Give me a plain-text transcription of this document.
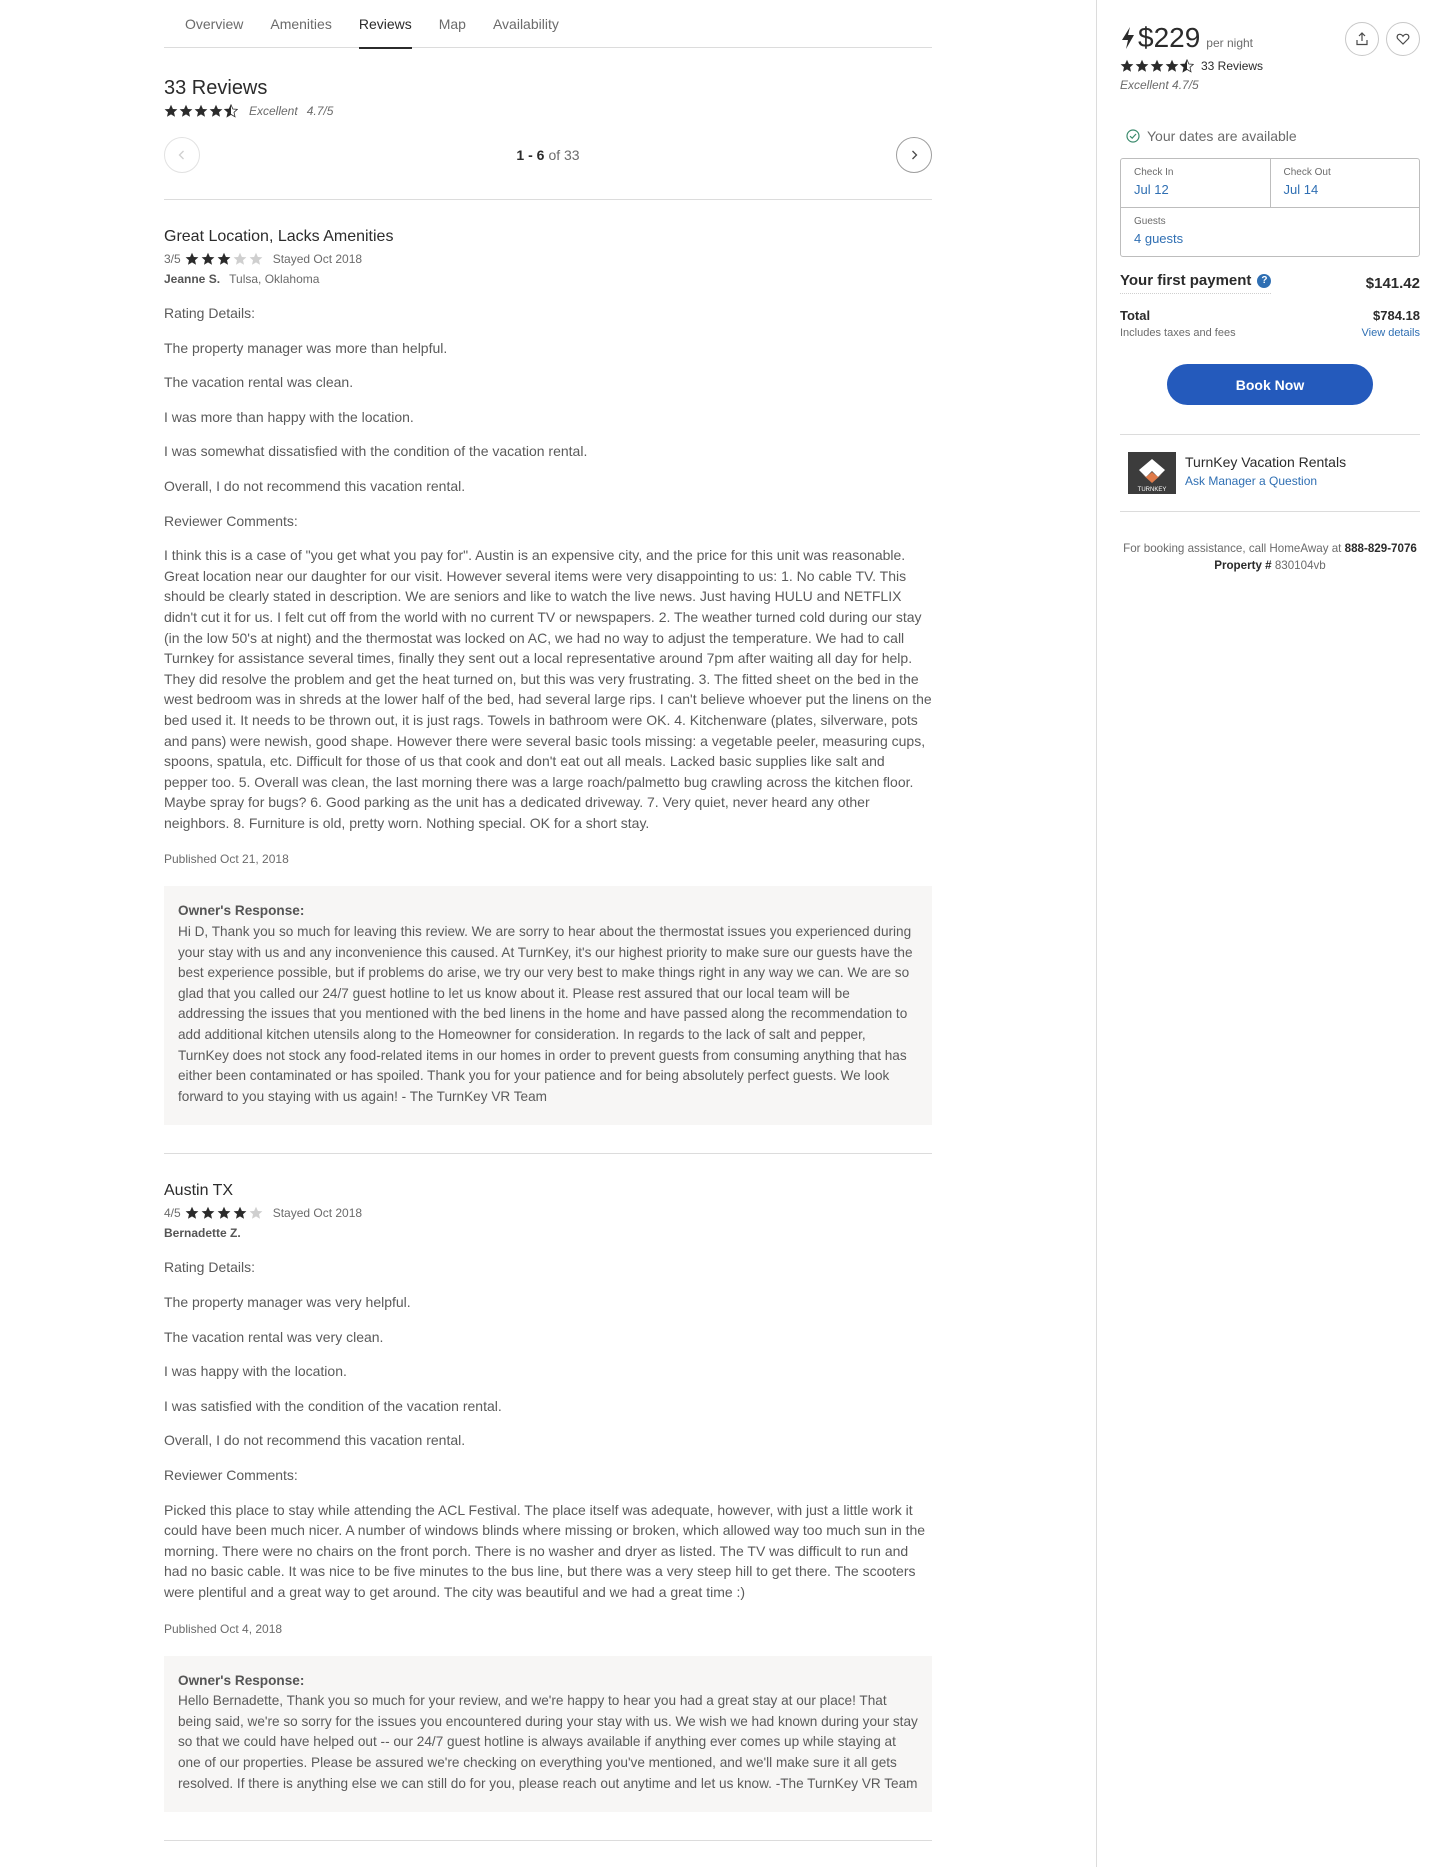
Overview Amenities Reviews Map Availability
33 Reviews
Excellent 4.7/5
1 - 6 of 33
Great Location, Lacks Amenities
3/5	Stayed Oct 2018
Jeanne S. Tulsa, Oklahoma

Rating Details:

The property manager was more than helpful.

The vacation rental was clean.

I was more than happy with the location.

I was somewhat dissatisfied with the condition of the vacation rental.

Overall, I do not recommend this vacation rental.

Reviewer Comments:

I think this is a case of "you get what you pay for". Austin is an expensive city, and the price for this unit was reasonable. Great location near our daughter for our visit. However several items were very disappointing to us: 1. No cable TV. This should be clearly stated in description. We are seniors and like to watch the live news. Just having HULU and NETFLIX didn't cut it for us. I felt cut off from the world with no current TV or newspapers. 2. The weather turned cold during our stay (in the low 50's at night) and the thermostat was locked on AC, we had no way to adjust the temperature. We had to call Turnkey for assistance several times, finally they sent out a local representative around 7pm after waiting all day for help. They did resolve the problem and get the heat turned on, but this was very frustrating. 3. The fitted sheet on the bed in the west bedroom was in shreds at the lower half of the bed, had several large rips. I can't believe whoever put the linens on the bed used it. It needs to be thrown out, it is just rags. Towels in bathroom were OK. 4. Kitchenware (plates, silverware, pots and pans) were newish, good shape. However there were several basic tools missing: a vegetable peeler, measuring cups, spoons, spatula, etc. Difficult for those of us that cook and don't eat out all meals. Lacked basic supplies like salt and pepper too. 5. Overall was clean, the last morning there was a large roach/palmetto bug crawling across the kitchen floor. Maybe spray for bugs? 6. Good parking as the unit has a dedicated driveway. 7. Very quiet, never heard any other neighbors. 8. Furniture is old, pretty worn. Nothing special. OK for a short stay.

Published Oct 21, 2018
Owner's Response:
Hi D, Thank you so much for leaving this review. We are sorry to hear about the thermostat issues you experienced during your stay with us and any inconvenience this caused. At TurnKey, it's our highest priority to make sure our guests have the best experience possible, but if problems do arise, we try our very best to make things right in any way we can. We are so glad that you called our 24/7 guest hotline to let us know about it. Please rest assured that our local team will be addressing the issues that you mentioned with the bed linens in the home and have passed along the recommendation to add additional kitchen utensils along to the Homeowner for consideration. In regards to the lack of salt and pepper, TurnKey does not stock any food-related items in our homes in order to prevent guests from consuming anything that has either been contaminated or has spoiled. Thank you for your patience and for being absolutely perfect guests. We look forward to you staying with us again! - The TurnKey VR Team
Austin TX
4/5	Stayed Oct 2018
Bernadette Z.

Rating Details:

The property manager was very helpful.

The vacation rental was very clean.

I was happy with the location.

I was satisfied with the condition of the vacation rental.

Overall, I do not recommend this vacation rental.

Reviewer Comments:

Picked this place to stay while attending the ACL Festival. The place itself was adequate, however, with just a little work it could have been much nicer. A number of windows blinds where missing or broken, which allowed way too much sun in the morning. There were no chairs on the front porch. There is no washer and dryer as listed. The TV was difficult to run and had no basic cable. It was nice to be five minutes to the bus line, but there was a very steep hill to get there. The scooters were plentiful and a great way to get around. The city was beautiful and we had a great time :)

Published Oct 4, 2018
Owner's Response:
Hello Bernadette, Thank you so much for your review, and we're happy to hear you had a great stay at our place! That being said, we're so sorry for the issues you encountered during your stay with us. We wish we had known during your stay so that we could have helped out -- our 24/7 guest hotline is always available if anything ever comes up while staying at one of our properties. Please be assured we're checking on everything you've mentioned, and we'll make sure it all gets resolved. If there is anything else we can still do for you, please reach out anytime and let us know. -The TurnKey VR Team
$229 per night
33 Reviews
Excellent 4.7/5
Your dates are available
Check In
Jul 12
Check Out
Jul 14
Guests
4 guests
Your first payment ?	$141.42
Total	$784.18
Includes taxes and fees	View details
Book Now
TURNKEY
TurnKey Vacation Rentals
Ask Manager a Question
For booking assistance, call HomeAway at 888-829-7076
Property # 830104vb
